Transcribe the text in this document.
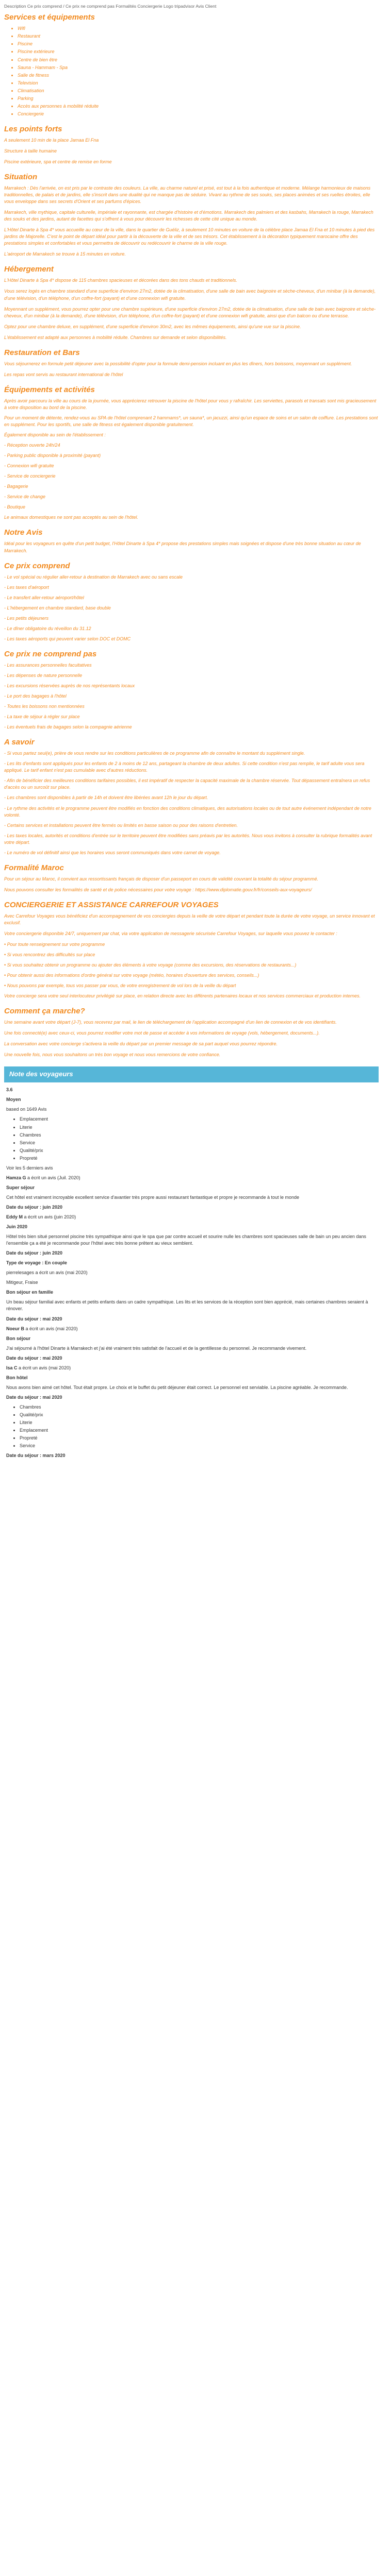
Description Ce prix comprend / Ce prix ne comprend pas Formalités Conciergerie Logo tripadvisor Avis Client

Services et équipements
• Wifi
• Restaurant
• Piscine
• Piscine extérieure
• Centre de bien être
• Sauna - Hammam - Spa
• Salle de fitness
• Television
• Climatisation
• Parking
• Accès aux personnes à mobilité réduite
• Conciergerie
Les points forts

A seulement 10 min de la place Jamaa El Fna

Structure à taille humaine

Piscine extérieure, spa et centre de remise en forme

Situation

Marrakech : Dès l'arrivée, on est pris par le contraste des couleurs. La ville, au charme naturel et prisé, est tout à la fois authentique et moderne. Mélange harmonieux de maisons traditionnelles, de palais et de jardins, elle s'inscrit dans une dualité qui ne manque pas de séduire. Vivant au rythme de ses souks, ses places animées et ses ruelles étroites, elle vous enveloppe dans ses secrets d'Orient et ses parfums d'épices.

Marrakech, ville mythique, capitale culturelle, impériale et rayonnante, est chargée d'histoire et d'émotions. Marrakech des palmiers et des kasbahs, Marrakech la rouge, Marrakech des souks et des jardins, autant de facettes qui s'offrent à vous pour découvrir les richesses de cette cité unique au monde.

L'Hôtel Dinarte à Spa 4* vous accueille au cœur de la ville, dans le quartier de Guéliz, à seulement 10 minutes en voiture de la célèbre place Jamaa El Fna et 10 minutes à pied des jardins de Majorelle. C'est le point de départ idéal pour partir à la découverte de la ville et de ses trésors. Cet établissement à la décoration typiquement marocaine offre des prestations simples et confortables et vous permettra de découvrir ou redécouvrir le charme de la ville rouge.

L'aéroport de Marrakech se trouve à 15 minutes en voiture.

Hébergement

L'Hôtel Dinarte à Spa 4* dispose de 115 chambres spacieuses et décorées dans des tons chauds et traditionnels.

Vous serez logés en chambre standard d'une superficie d'environ 27m2, dotée de la climatisation, d'une salle de bain avec baignoire et sèche-cheveux, d'un minibar (à la demande), d'une télévision, d'un téléphone, d'un coffre-fort (payant) et d'une connexion wifi gratuite.

Moyennant un supplément, vous pourrez opter pour une chambre supérieure, d'une superficie d'environ 27m2, dotée de la climatisation, d'une salle de bain avec baignoire et sèche-cheveux, d'un minibar (à la demande), d'une télévision, d'un téléphone, d'un coffre-fort (payant) et d'une connexion wifi gratuite, ainsi que d'un balcon ou d'une terrasse.

Optez pour une chambre deluxe, en supplément, d'une superficie d'environ 30m2, avec les mêmes équipements, ainsi qu'une vue sur la piscine.

L'établissement est adapté aux personnes à mobilité réduite. Chambres sur demande et selon disponibilités.

Restauration et Bars

Vous séjournerez en formule petit déjeuner avec la possibilité d'opter pour la formule demi-pension incluant en plus les dîners, hors boissons, moyennant un supplément.

Les repas vont servis au restaurant international de l'hôtel

Équipements et activités

Après avoir parcouru la ville au cours de la journée, vous apprécierez retrouver la piscine de l'hôtel pour vous y rafraîchir. Les serviettes, parasols et transats sont mis gracieusement à votre disposition au bord de la piscine.

Pour un moment de détente, rendez-vous au SPA de l'hôtel comprenant 2 hammams*, un sauna*, un jacuzzi, ainsi qu'un espace de soins et un salon de coiffure. Les prestations sont en supplément. Pour les sportifs, une salle de fitness est également disponible gratuitement.

Également disponible au sein de l'établissement :

- Réception ouverte 24h/24

- Parking public disponible à proximité (payant)

- Connexion wifi gratuite

- Service de conciergerie

- Bagagerie

- Service de change

- Boutique

Le animaux domestiques ne sont pas acceptés au sein de l'hôtel.

Notre Avis

Idéal pour les voyageurs en quête d'un petit budget, l'Hôtel Dinarte à Spa 4* propose des prestations simples mais soignées et dispose d'une très bonne situation au cœur de Marrakech.

Ce prix comprend

- Le vol spécial ou régulier aller-retour à destination de Marrakech avec ou sans escale

- Les taxes d'aéroport

- Le transfert aller-retour aéroport/hôtel

- L'hébergement en chambre standard, base double

- Les petits déjeuners

- Le dîner obligatoire du réveillon du 31.12

- Les taxes aéroports qui peuvent varier selon DOC et DOMC

Ce prix ne comprend pas

- Les assurances personnelles facultatives

- Les dépenses de nature personnelle

- Les excursions réservées auprès de nos représentants locaux

- Le port des bagages à l'hôtel

- Toutes les boissons non mentionnées

- La taxe de séjour à régler sur place

- Les éventuels frais de bagages selon la compagnie aérienne

A savoir

- Si vous partez seul(e), prière de vous rendre sur les conditions particulières de ce programme afin de connaître le montant du supplément single.

- Les lits d'enfants sont appliqués pour les enfants de 2 à moins de 12 ans, partageant la chambre de deux adultes. Si cette condition n'est pas remplie, le tarif adulte vous sera appliqué. Le tarif enfant n'est pas cumulable avec d'autres réductions.

- Afin de bénéficier des meilleures conditions tarifaires possibles, il est impératif de respecter la capacité maximale de la chambre réservée. Tout dépassement entraînera un refus d'accès ou un surcoût sur place.

- Les chambres sont disponibles à partir de 14h et doivent être libérées avant 12h le jour du départ.

- Le rythme des activités et le programme peuvent être modifiés en fonction des conditions climatiques, des autorisations locales ou de tout autre événement indépendant de notre volonté.

- Certains services et installations peuvent être fermés ou limités en basse saison ou pour des raisons d'entretien.

- Les taxes locales, autorités et conditions d'entrée sur le territoire peuvent être modifiées sans préavis par les autorités. Nous vous invitons à consulter la rubrique formalités avant votre départ.

- Le numéro de vol définitif ainsi que les horaires vous seront communiqués dans votre carnet de voyage.

Formalité Maroc

Pour un séjour au Maroc, il convient aux ressortissants français de disposer d'un passeport en cours de validité couvrant la totalité du séjour programmé.

Nous pouvons consulter les formalités de santé et de police nécessaires pour votre voyage : https://www.diplomatie.gouv.fr/fr/conseils-aux-voyageurs/

CONCIERGERIE ET ASSISTANCE CARREFOUR VOYAGES

Avec Carrefour Voyages vous bénéficiez d'un accompagnement de vos conciergies depuis la veille de votre départ et pendant toute la durée de votre voyage, un service innovant et exclusif.

Votre conciergerie disponible 24/7, uniquement par chat, via votre application de messagerie sécurisée Carrefour Voyages, sur laquelle vous pouvez le contacter :

• Pour toute renseignement sur votre programme

• Si vous rencontrez des difficultés sur place

• Si vous souhaitez obtenir un programme ou ajouter des éléments à votre voyage (comme des excursions, des réservations de restaurants...)

• Pour obtenir aussi des informations d'ordre général sur votre voyage (météo, horaires d'ouverture des services, conseils...)

• Nous pouvons par exemple, tous vos passer par vous, de votre enregistrement de vol lors de la veille du départ

Votre concierge sera votre seul interlocuteur privilégié sur place, en relation directe avec les différents partenaires locaux et nos services commerciaux et production internes.

Comment ça marche?

Une semaine avant votre départ (J-7), vous recevrez par mail, le lien de téléchargement de l'application accompagné d'un lien de connexion et de vos identifiants.

Une fois connecté(e) avec ceux-ci, vous pourrez modifier votre mot de passe et accéder à vos informations de voyage (vols, hébergement, documents...).

La conversation avec votre concierge s'activera la veille du départ par un premier message de sa part auquel vous pourrez répondre.

Une nouvelle fois, nous vous souhaitons un très bon voyage et nous vous remercions de votre confiance.

Note des voyageurs

3.6

Moyen

based on 1649 Avis

• Emplacement
• Literie
• Chambres
• Service
• Qualité/prix
• Propreté

Voir les 5 derniers avis

Hamza G a écrit un avis (Juil. 2020)

Super séjour

Cet hôtel est vraiment incroyable excellent service d'avantier très propre aussi restaurant fantastique et propre je recommande à tout le monde

Date du séjour : juin 2020

Eddy M a écrit un avis (juin 2020)

Juin 2020

Hôtel très bien situé personnel piscine très sympathique ainsi que le spa que par contre accueil et sourire nulle les chambres sont spacieuses salle de bain un peu ancien dans l'ensemble ça a été je recommande pour l'hôtel avec très bonne prêtent au vieux semblent.

Date du séjour : juin 2020

Type de voyage : En couple

pierrelesages a écrit un avis (mai 2020)

Mitigeur, Fraise

Bon séjour en famille

Un beau séjour familial avec enfants et petits enfants dans un cadre sympathique. Les lits et les services de la réception sont bien apprécié, mais certaines chambres seraient à rénover.

Date du séjour : mai 2020

Noeur B a écrit un avis (mai 2020)

Bon séjour

J'ai séjourné à l'hôtel Dinarte à Marrakech et j'ai été vraiment très satisfait de l'accueil et de la gentillesse du personnel. Je recommande vivement.

Date du séjour : mai 2020

Isa C a écrit un avis (mai 2020)

Bon hôtel

Nous avons bien aimé cet hôtel. Tout était propre. Le choix et le buffet du petit déjeuner était correct. Le personnel est serviable. La piscine agréable. Je recommande.

Date du séjour : mai 2020

• Chambres
• Qualité/prix
• Literie
• Emplacement
• Propreté
• Service

Date du séjour : mars 2020
